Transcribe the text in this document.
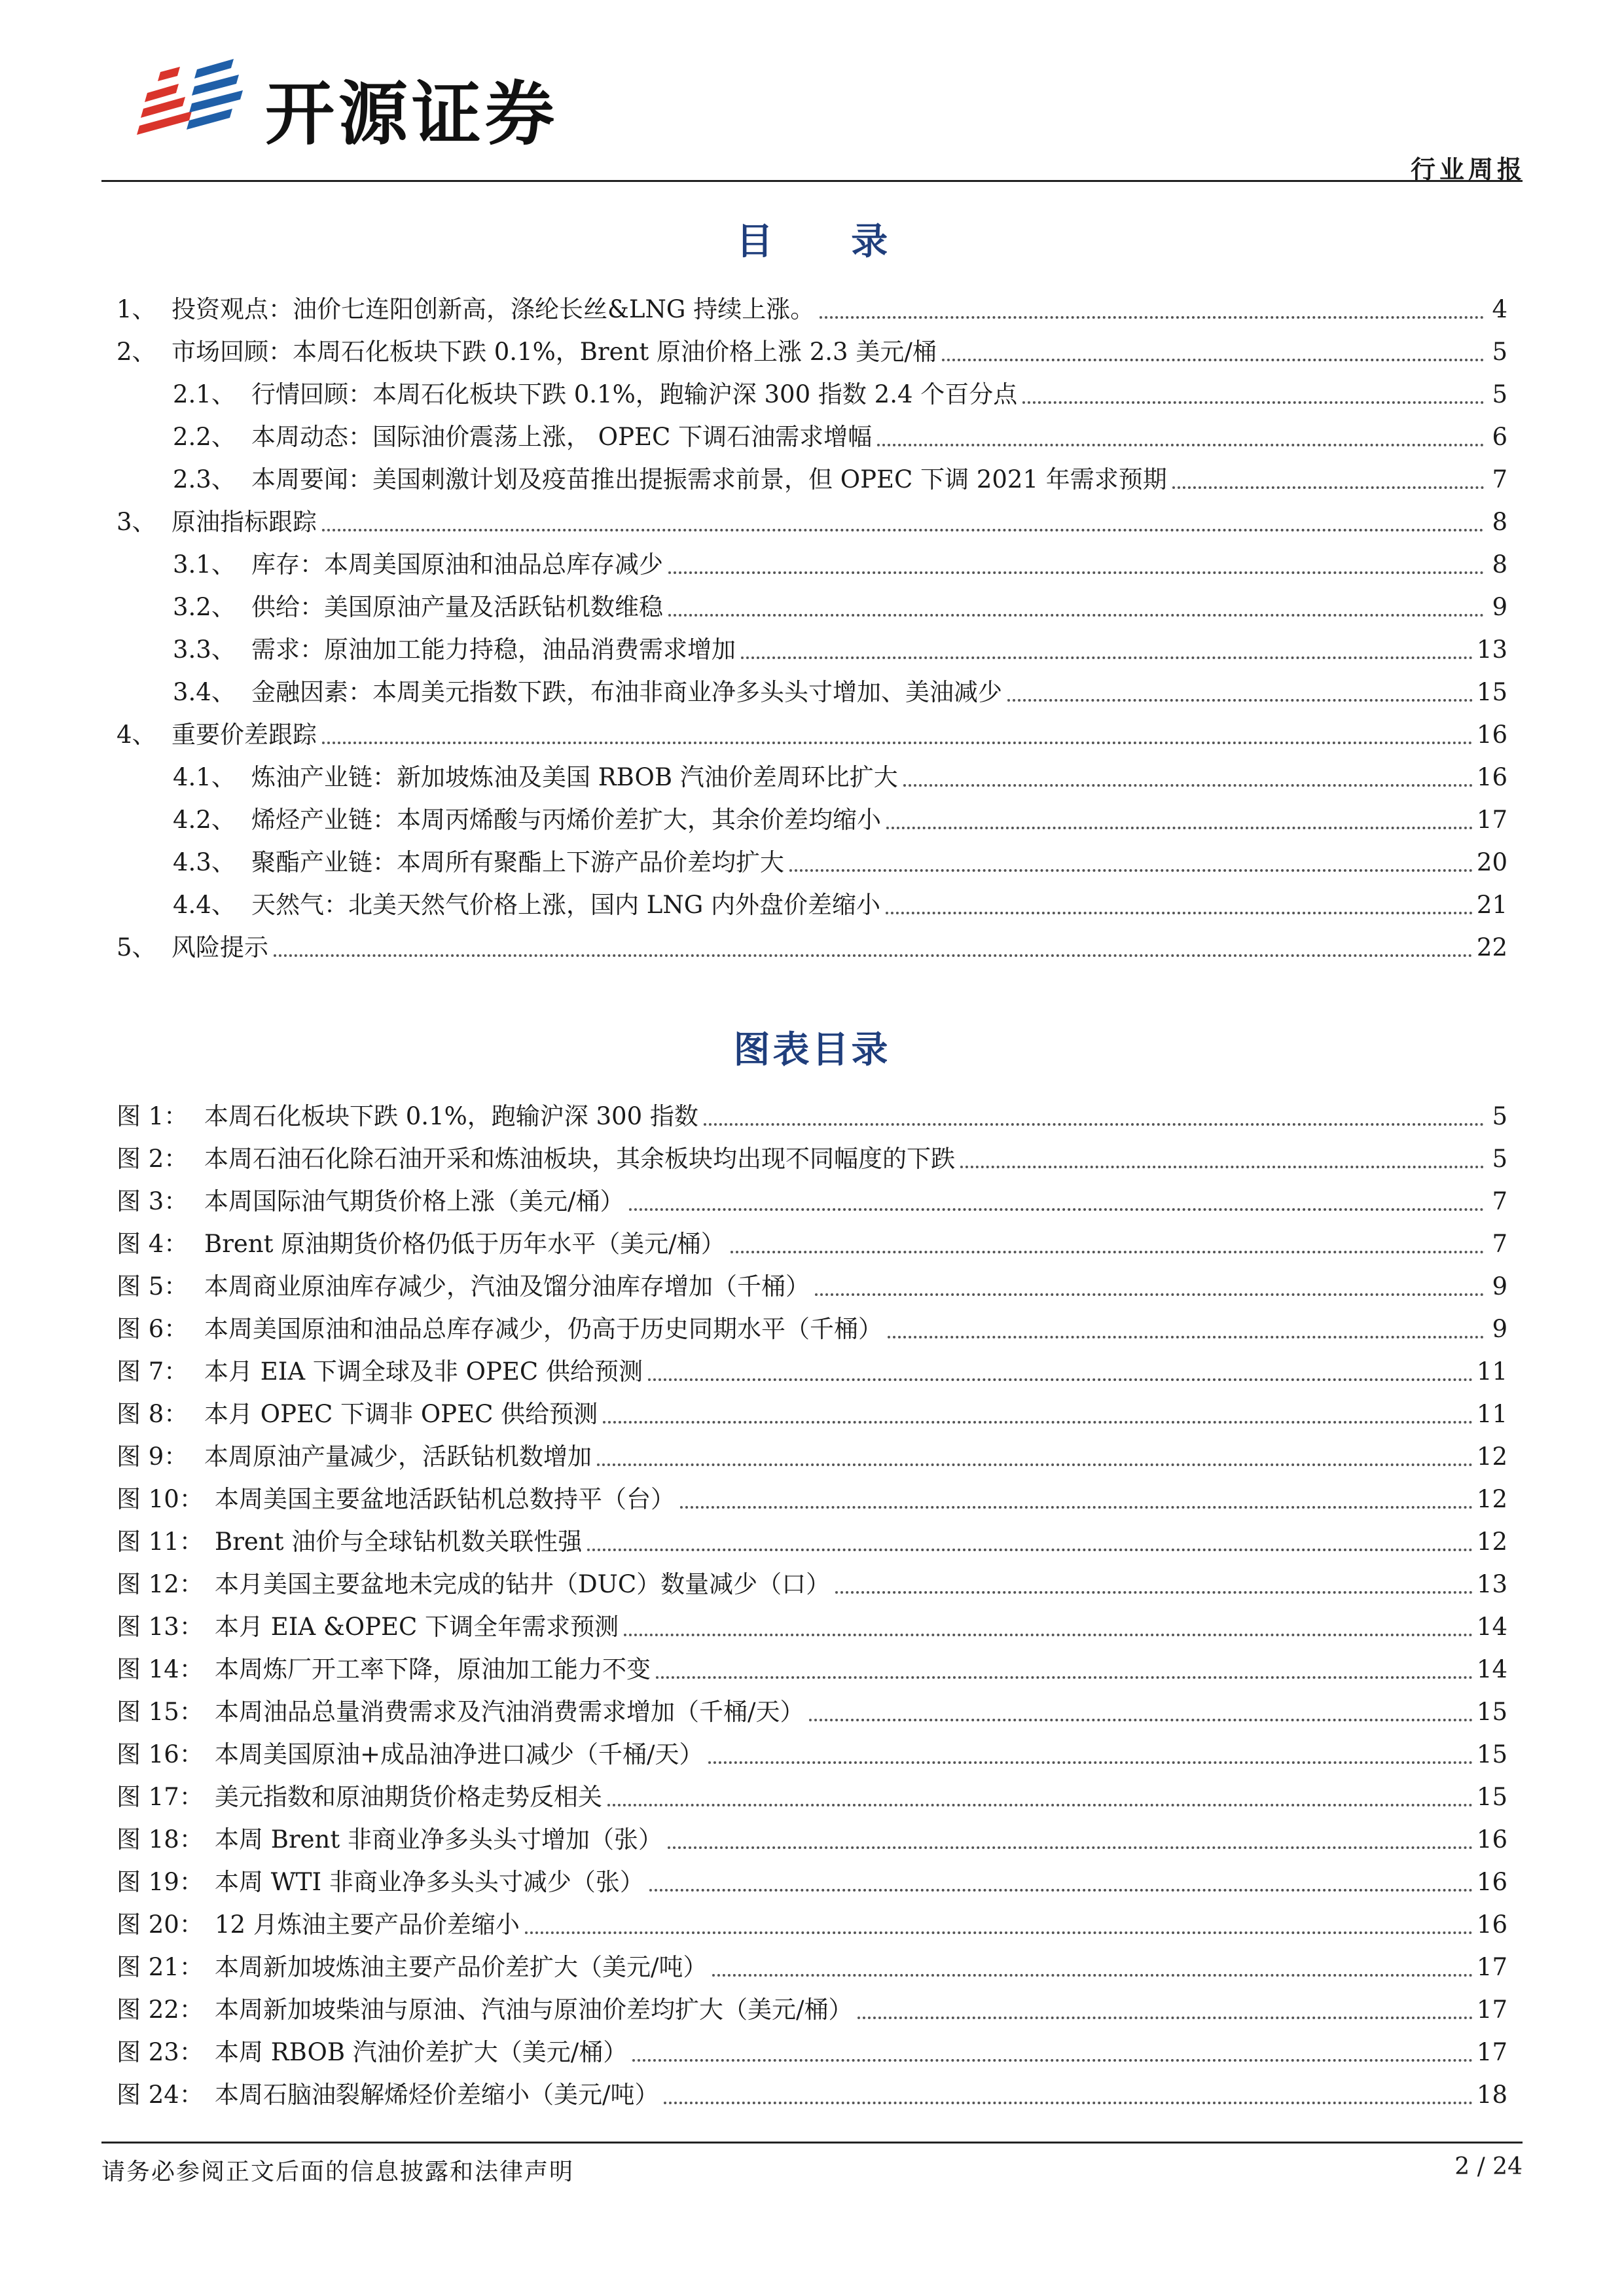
开源证券
行业周报
目 录
1、 投资观点：油价七连阳创新高，涤纶长丝&LNG 持续上涨。	4
2、 市场回顾：本周石化板块下跌 0.1%，Brent 原油价格上涨 2.3 美元/桶	5
2.1、 行情回顾：本周石化板块下跌 0.1%，跑输沪深 300 指数 2.4 个百分点	5
2.2、 本周动态：国际油价震荡上涨， OPEC 下调石油需求增幅	6
2.3、 本周要闻：美国刺激计划及疫苗推出提振需求前景，但 OPEC 下调 2021 年需求预期	7
3、 原油指标跟踪	8
3.1、 库存：本周美国原油和油品总库存减少	8
3.2、 供给：美国原油产量及活跃钻机数维稳	9
3.3、 需求：原油加工能力持稳，油品消费需求增加	13
3.4、 金融因素：本周美元指数下跌，布油非商业净多头头寸增加、美油减少	15
4、 重要价差跟踪	16
4.1、 炼油产业链：新加坡炼油及美国 RBOB 汽油价差周环比扩大	16
4.2、 烯烃产业链：本周丙烯酸与丙烯价差扩大，其余价差均缩小	17
4.3、 聚酯产业链：本周所有聚酯上下游产品价差均扩大	20
4.4、 天然气：北美天然气价格上涨，国内 LNG 内外盘价差缩小	21
5、 风险提示	22
图表目录
图 1： 本周石化板块下跌 0.1%，跑输沪深 300 指数	5
图 2： 本周石油石化除石油开采和炼油板块，其余板块均出现不同幅度的下跌	5
图 3： 本周国际油气期货价格上涨（美元/桶）	7
图 4： Brent 原油期货价格仍低于历年水平（美元/桶）	7
图 5： 本周商业原油库存减少，汽油及馏分油库存增加（千桶）	9
图 6： 本周美国原油和油品总库存减少，仍高于历史同期水平（千桶）	9
图 7： 本月 EIA 下调全球及非 OPEC 供给预测	11
图 8： 本月 OPEC 下调非 OPEC 供给预测	11
图 9： 本周原油产量减少，活跃钻机数增加	12
图 10： 本周美国主要盆地活跃钻机总数持平（台）	12
图 11： Brent 油价与全球钻机数关联性强	12
图 12： 本月美国主要盆地未完成的钻井（DUC）数量减少（口）	13
图 13： 本月 EIA &OPEC 下调全年需求预测	14
图 14： 本周炼厂开工率下降，原油加工能力不变	14
图 15： 本周油品总量消费需求及汽油消费需求增加（千桶/天）	15
图 16： 本周美国原油+成品油净进口减少（千桶/天）	15
图 17： 美元指数和原油期货价格走势反相关	15
图 18： 本周 Brent 非商业净多头头寸增加（张）	16
图 19： 本周 WTI 非商业净多头头寸减少（张）	16
图 20： 12 月炼油主要产品价差缩小	16
图 21： 本周新加坡炼油主要产品价差扩大（美元/吨）	17
图 22： 本周新加坡柴油与原油、汽油与原油价差均扩大（美元/桶）	17
图 23： 本周 RBOB 汽油价差扩大（美元/桶）	17
图 24： 本周石脑油裂解烯烃价差缩小（美元/吨）	18
请务必参阅正文后面的信息披露和法律声明	2 / 24
